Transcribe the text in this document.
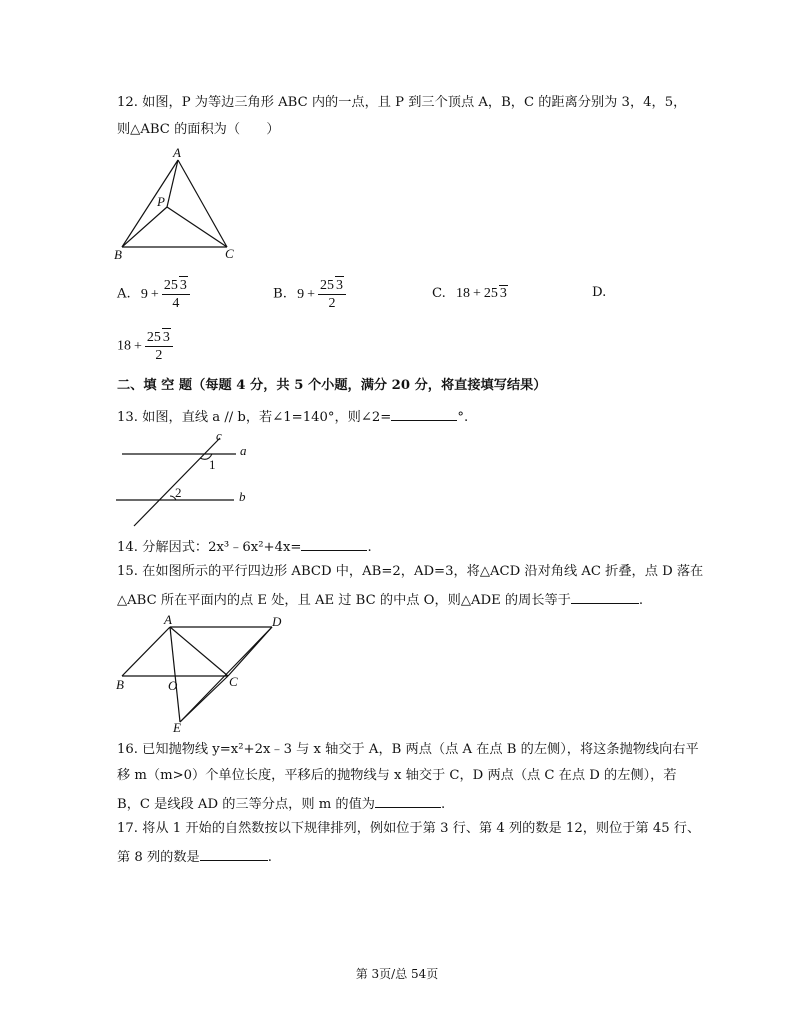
12. 如图，P 为等边三角形 ABC 内的一点，且 P 到三个顶点 A，B，C 的距离分别为 3，4，5，
则△ABC 的面积为（　　）
A
P
B	C
A. $9 + \frac{25 3}{4}$	B. $9 + \frac{25 3}{2}$	C. 18 + 25 3	D.
$18 + \frac{25 3}{2}$
二、填 空 题（每题 4 分，共 5 个小题，满分 20 分，将直接填写结果）
13. 如图，直线 a // b，若∠1=140°，则∠2=	°.
c
a
1
2	b
14. 分解因式：2x³﹣6x²+4x=	.
15. 在如图所示的平行四边形 ABCD 中，AB=2，AD=3，将△ACD 沿对角线 AC 折叠，点 D 落在
△ABC 所在平面内的点 E 处，且 AE 过 BC 的中点 O，则△ADE 的周长等于	.
A	D
B	O	C
E
16. 已知抛物线 y=x²+2x﹣3 与 x 轴交于 A，B 两点（点 A 在点 B 的左侧），将这条抛物线向右平
移 m（m>0）个单位长度，平移后的抛物线与 x 轴交于 C，D 两点（点 C 在点 D 的左侧），若
B，C 是线段 AD 的三等分点，则 m 的值为	.
17. 将从 1 开始的自然数按以下规律排列，例如位于第 3 行、第 4 列的数是 12，则位于第 45 行、
第 8 列的数是	.
第 3页/总 54页
